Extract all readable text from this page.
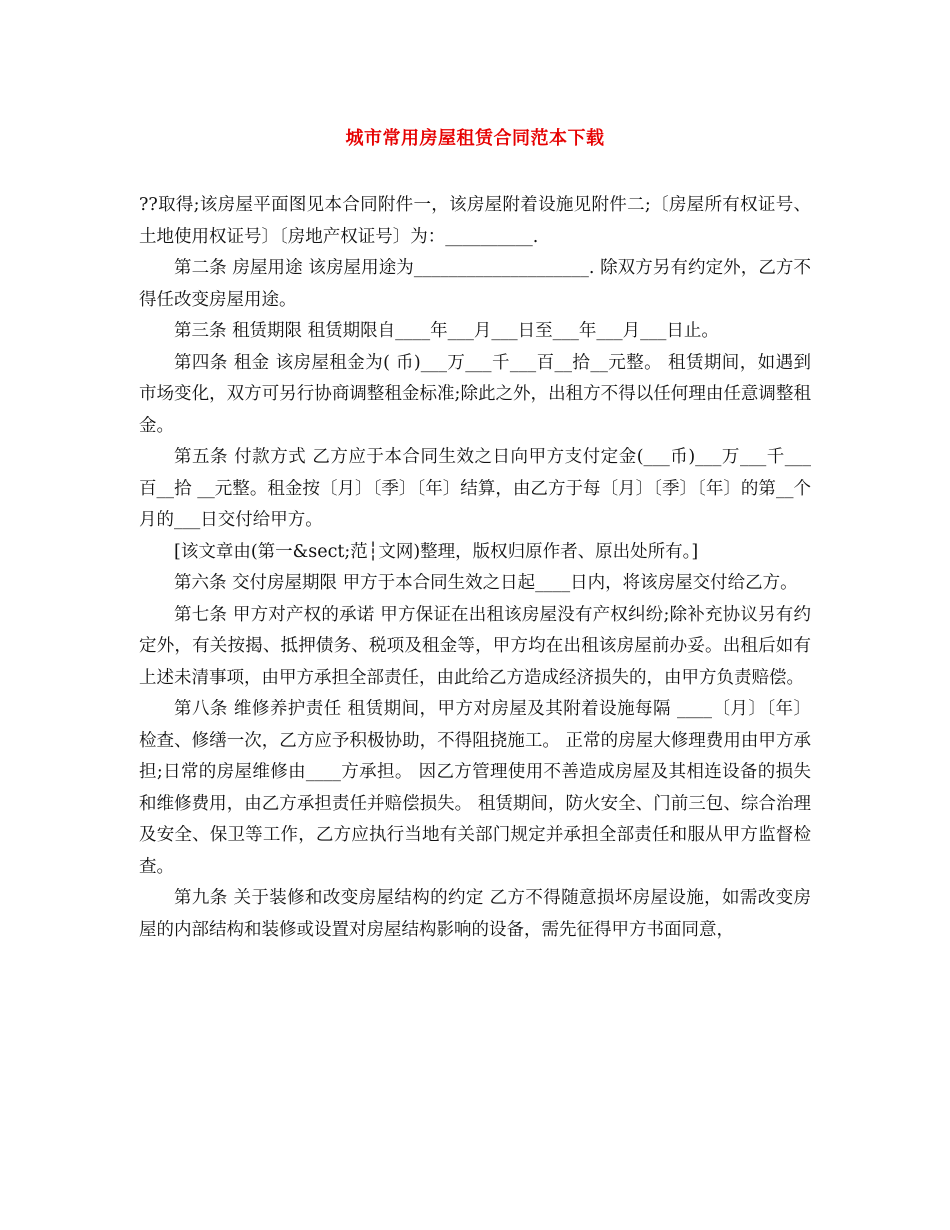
城市常用房屋租赁合同范本下载

??取得;该房屋平面图见本合同附件一，该房屋附着设施见附件二;〔房屋所有权证号、土地使用权证号〕〔房地产权证号〕为：__________.

第二条 房屋用途 该房屋用途为____________________. 除双方另有约定外，乙方不得任改变房屋用途。

第三条 租赁期限 租赁期限自____年___月___日至___年___月___日止。

第四条 租金 该房屋租金为( 币)___万___千___百__拾__元整。 租赁期间，如遇到市场变化，双方可另行协商调整租金标准;除此之外，出租方不得以任何理由任意调整租金。

第五条 付款方式 乙方应于本合同生效之日向甲方支付定金(___币)___万___千___百__拾 __元整。租金按〔月〕〔季〕〔年〕结算，由乙方于每〔月〕〔季〕〔年〕的第__个月的___日交付给甲方。

[该文章由(第一&sect;范┆文网)整理，版权归原作者、原出处所有。]

第六条 交付房屋期限 甲方于本合同生效之日起____日内，将该房屋交付给乙方。

第七条 甲方对产权的承诺 甲方保证在出租该房屋没有产权纠纷;除补充协议另有约定外，有关按揭、抵押债务、税项及租金等，甲方均在出租该房屋前办妥。出租后如有上述未清事项，由甲方承担全部责任，由此给乙方造成经济损失的，由甲方负责赔偿。

第八条 维修养护责任 租赁期间，甲方对房屋及其附着设施每隔 ____〔月〕〔年〕检查、修缮一次，乙方应予积极协助，不得阻挠施工。 正常的房屋大修理费用由甲方承担;日常的房屋维修由____方承担。 因乙方管理使用不善造成房屋及其相连设备的损失和维修费用，由乙方承担责任并赔偿损失。 租赁期间，防火安全、门前三包、综合治理及安全、保卫等工作，乙方应执行当地有关部门规定并承担全部责任和服从甲方监督检查。

第九条 关于装修和改变房屋结构的约定 乙方不得随意损坏房屋设施，如需改变房屋的内部结构和装修或设置对房屋结构影响的设备，需先征得甲方书面同意，
